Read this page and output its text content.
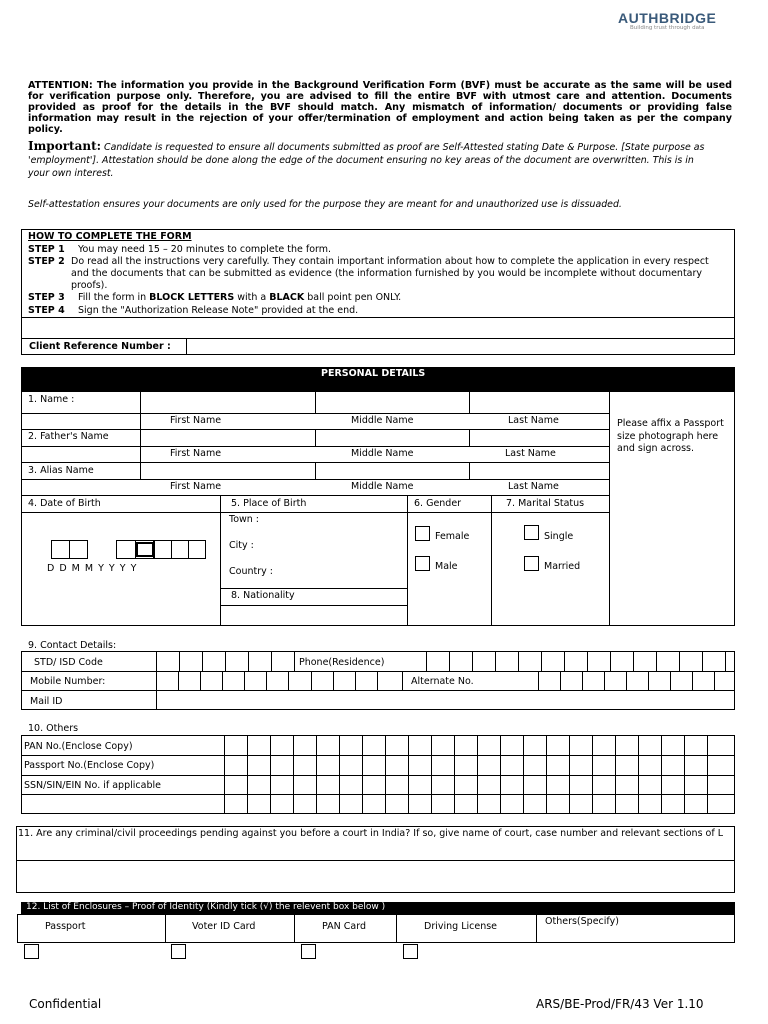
AUTHBRIDGE
Building trust through data
ATTENTION: The information you provide in the Background Verification Form (BVF) must be accurate as the same will be used for verification purpose only. Therefore, you are advised to fill the entire BVF with utmost care and attention. Documents provided as proof for the details in the BVF should match. Any mismatch of information/ documents or providing false information may result in the rejection of your offer/termination of employment and action being taken as per the company policy.
Important: Candidate is requested to ensure all documents submitted as proof are Self-Attested stating Date & Purpose. [State purpose as 'employment']. Attestation should be done along the edge of the document ensuring no key areas of the document are overwritten. This is in your own interest.
Self-attestation ensures your documents are only used for the purpose they are meant for and unauthorized use is dissuaded.
HOW TO COMPLETE THE FORM
STEP 1 You may need 15 – 20 minutes to complete the form.
STEP 2 Do read all the instructions very carefully. They contain important information about how to complete the application in every respect and the documents that can be submitted as evidence (the information furnished by you would be incomplete without documentary proofs).
STEP 3 Fill the form in BLOCK LETTERS with a BLACK ball point pen ONLY.
STEP 4 Sign the "Authorization Release Note" provided at the end.
Client Reference Number :
PERSONAL DETAILS
Please affix a Passport size photograph here and sign across.
1. Name :
First Name	Middle Name	Last Name
2. Father's Name
First Name	Middle Name	Last Name
3. Alias Name
First Name	Middle Name	Last Name
4. Date of Birth	5. Place of Birth	6. Gender	7. Marital Status
D D M M Y Y Y Y
Town :
City :
Country :
8. Nationality
Female
Male
Single
Married
9. Contact Details:
STD/ ISD Code	Phone(Residence)
Mobile Number:	Alternate No.
Mail ID
10. Others
PAN No.(Enclose Copy)
Passport No.(Enclose Copy)
SSN/SIN/EIN No. if applicable
11. Are any criminal/civil proceedings pending against you before a court in India? If so, give name of court, case number and relevant sections of L
12. List of Enclosures – Proof of Identity (Kindly tick (√) the relevent box below )
Passport	Voter ID Card	PAN Card	Driving License	Others(Specify)
Confidential	ARS/BE-Prod/FR/43 Ver 1.10
